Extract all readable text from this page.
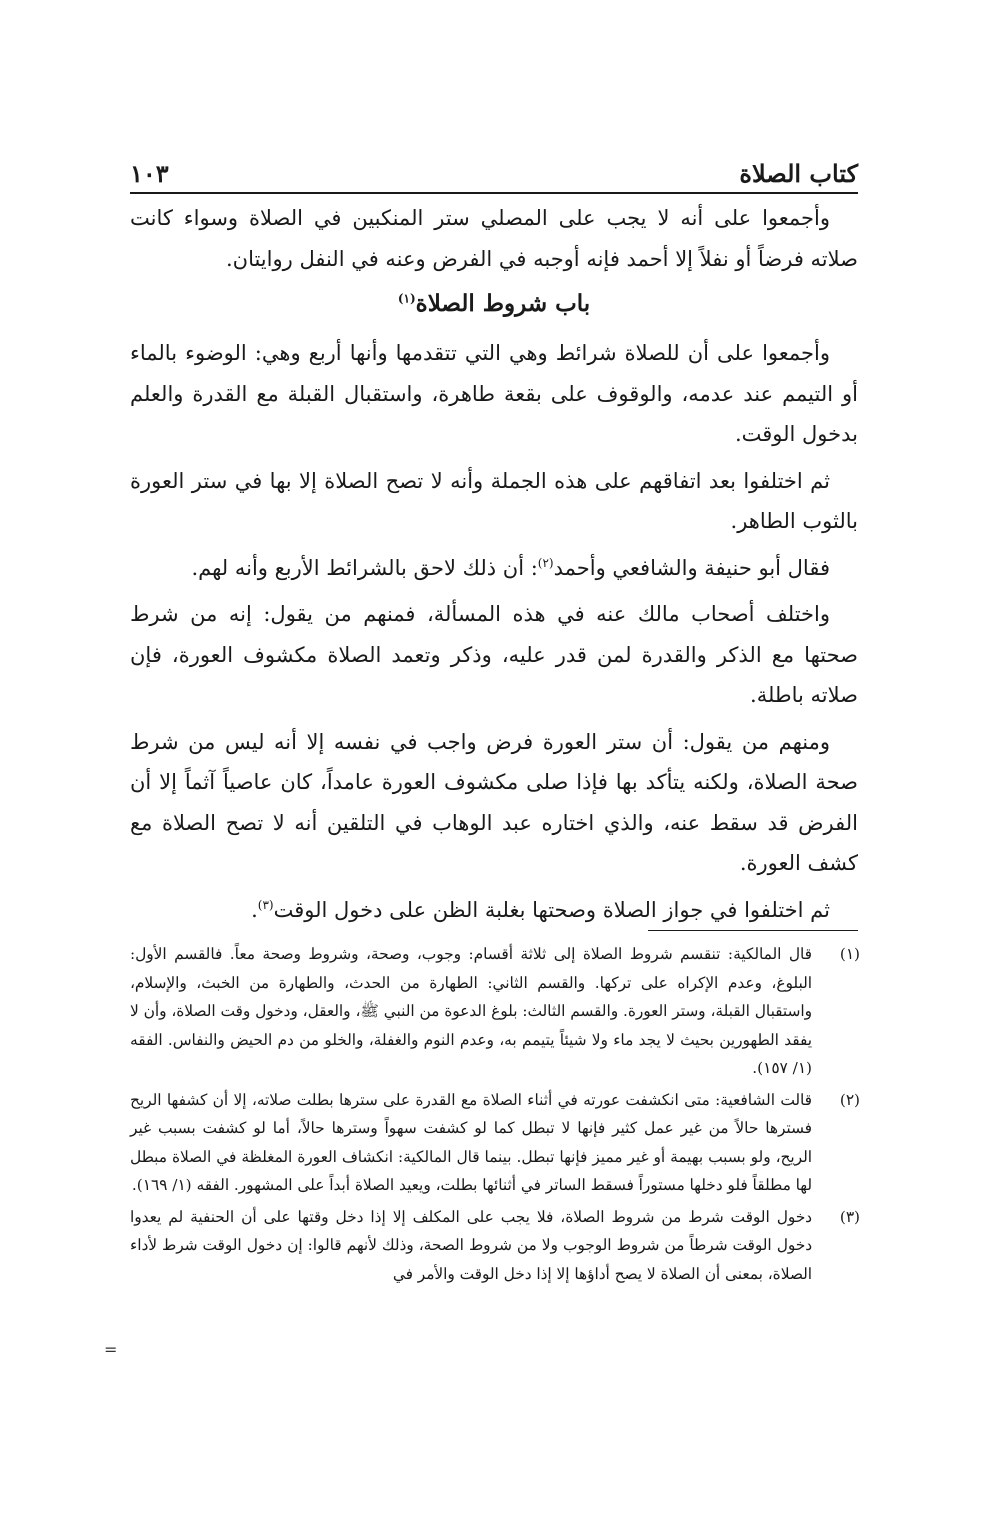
كتاب الصلاة
١٠٣

وأجمعوا على أنه لا يجب على المصلي ستر المنكبين في الصلاة وسواء كانت صلاته فرضاً أو نفلاً إلا أحمد فإنه أوجبه في الفرض وعنه في النفل روايتان.

باب شروط الصلاة$^{(١)}$

وأجمعوا على أن للصلاة شرائط وهي التي تتقدمها وأنها أربع وهي: الوضوء بالماء أو التيمم عند عدمه، والوقوف على بقعة طاهرة، واستقبال القبلة مع القدرة والعلم بدخول الوقت.

ثم اختلفوا بعد اتفاقهم على هذه الجملة وأنه لا تصح الصلاة إلا بها في ستر العورة بالثوب الطاهر.

فقال أبو حنيفة والشافعي وأحمد$^{(٢)}$: أن ذلك لاحق بالشرائط الأربع وأنه لهم.

واختلف أصحاب مالك عنه في هذه المسألة، فمنهم من يقول: إنه من شرط صحتها مع الذكر والقدرة لمن قدر عليه، وذكر وتعمد الصلاة مكشوف العورة، فإن صلاته باطلة.

ومنهم من يقول: أن ستر العورة فرض واجب في نفسه إلا أنه ليس من شرط صحة الصلاة، ولكنه يتأكد بها فإذا صلى مكشوف العورة عامداً، كان عاصياً آثماً إلا أن الفرض قد سقط عنه، والذي اختاره عبد الوهاب في التلقين أنه لا تصح الصلاة مع كشف العورة.

ثم اختلفوا في جواز الصلاة وصحتها بغلبة الظن على دخول الوقت$^{(٣)}$.

(١)
قال المالكية: تنقسم شروط الصلاة إلى ثلاثة أقسام: وجوب، وصحة، وشروط وصحة معاً. فالقسم الأول: البلوغ، وعدم الإكراه على تركها. والقسم الثاني: الطهارة من الحدث، والطهارة من الخبث، والإسلام، واستقبال القبلة، وستر العورة. والقسم الثالث: بلوغ الدعوة من النبي ﷺ، والعقل، ودخول وقت الصلاة، وأن لا يفقد الطهورين بحيث لا يجد ماء ولا شيئاً يتيمم به، وعدم النوم والغفلة، والخلو من دم الحيض والنفاس. الفقه (١/ ١٥٧).
(٢)
قالت الشافعية: متى انكشفت عورته في أثناء الصلاة مع القدرة على سترها بطلت صلاته، إلا أن كشفها الريح فسترها حالاً من غير عمل كثير فإنها لا تبطل كما لو كشفت سهواً وسترها حالاً، أما لو كشفت بسبب غير الريح، ولو بسبب بهيمة أو غير مميز فإنها تبطل. بينما قال المالكية: انكشاف العورة المغلظة في الصلاة مبطل لها مطلقاً فلو دخلها مستوراً فسقط الساتر في أثنائها بطلت، ويعيد الصلاة أبداً على المشهور. الفقه (١/ ١٦٩).
(٣)
دخول الوقت شرط من شروط الصلاة، فلا يجب على المكلف إلا إذا دخل وقتها على أن الحنفية لم يعدوا دخول الوقت شرطاً من شروط الوجوب ولا من شروط الصحة، وذلك لأنهم قالوا: إن دخول الوقت شرط لأداء الصلاة، بمعنى أن الصلاة لا يصح أداؤها إلا إذا دخل الوقت والأمر في
=
